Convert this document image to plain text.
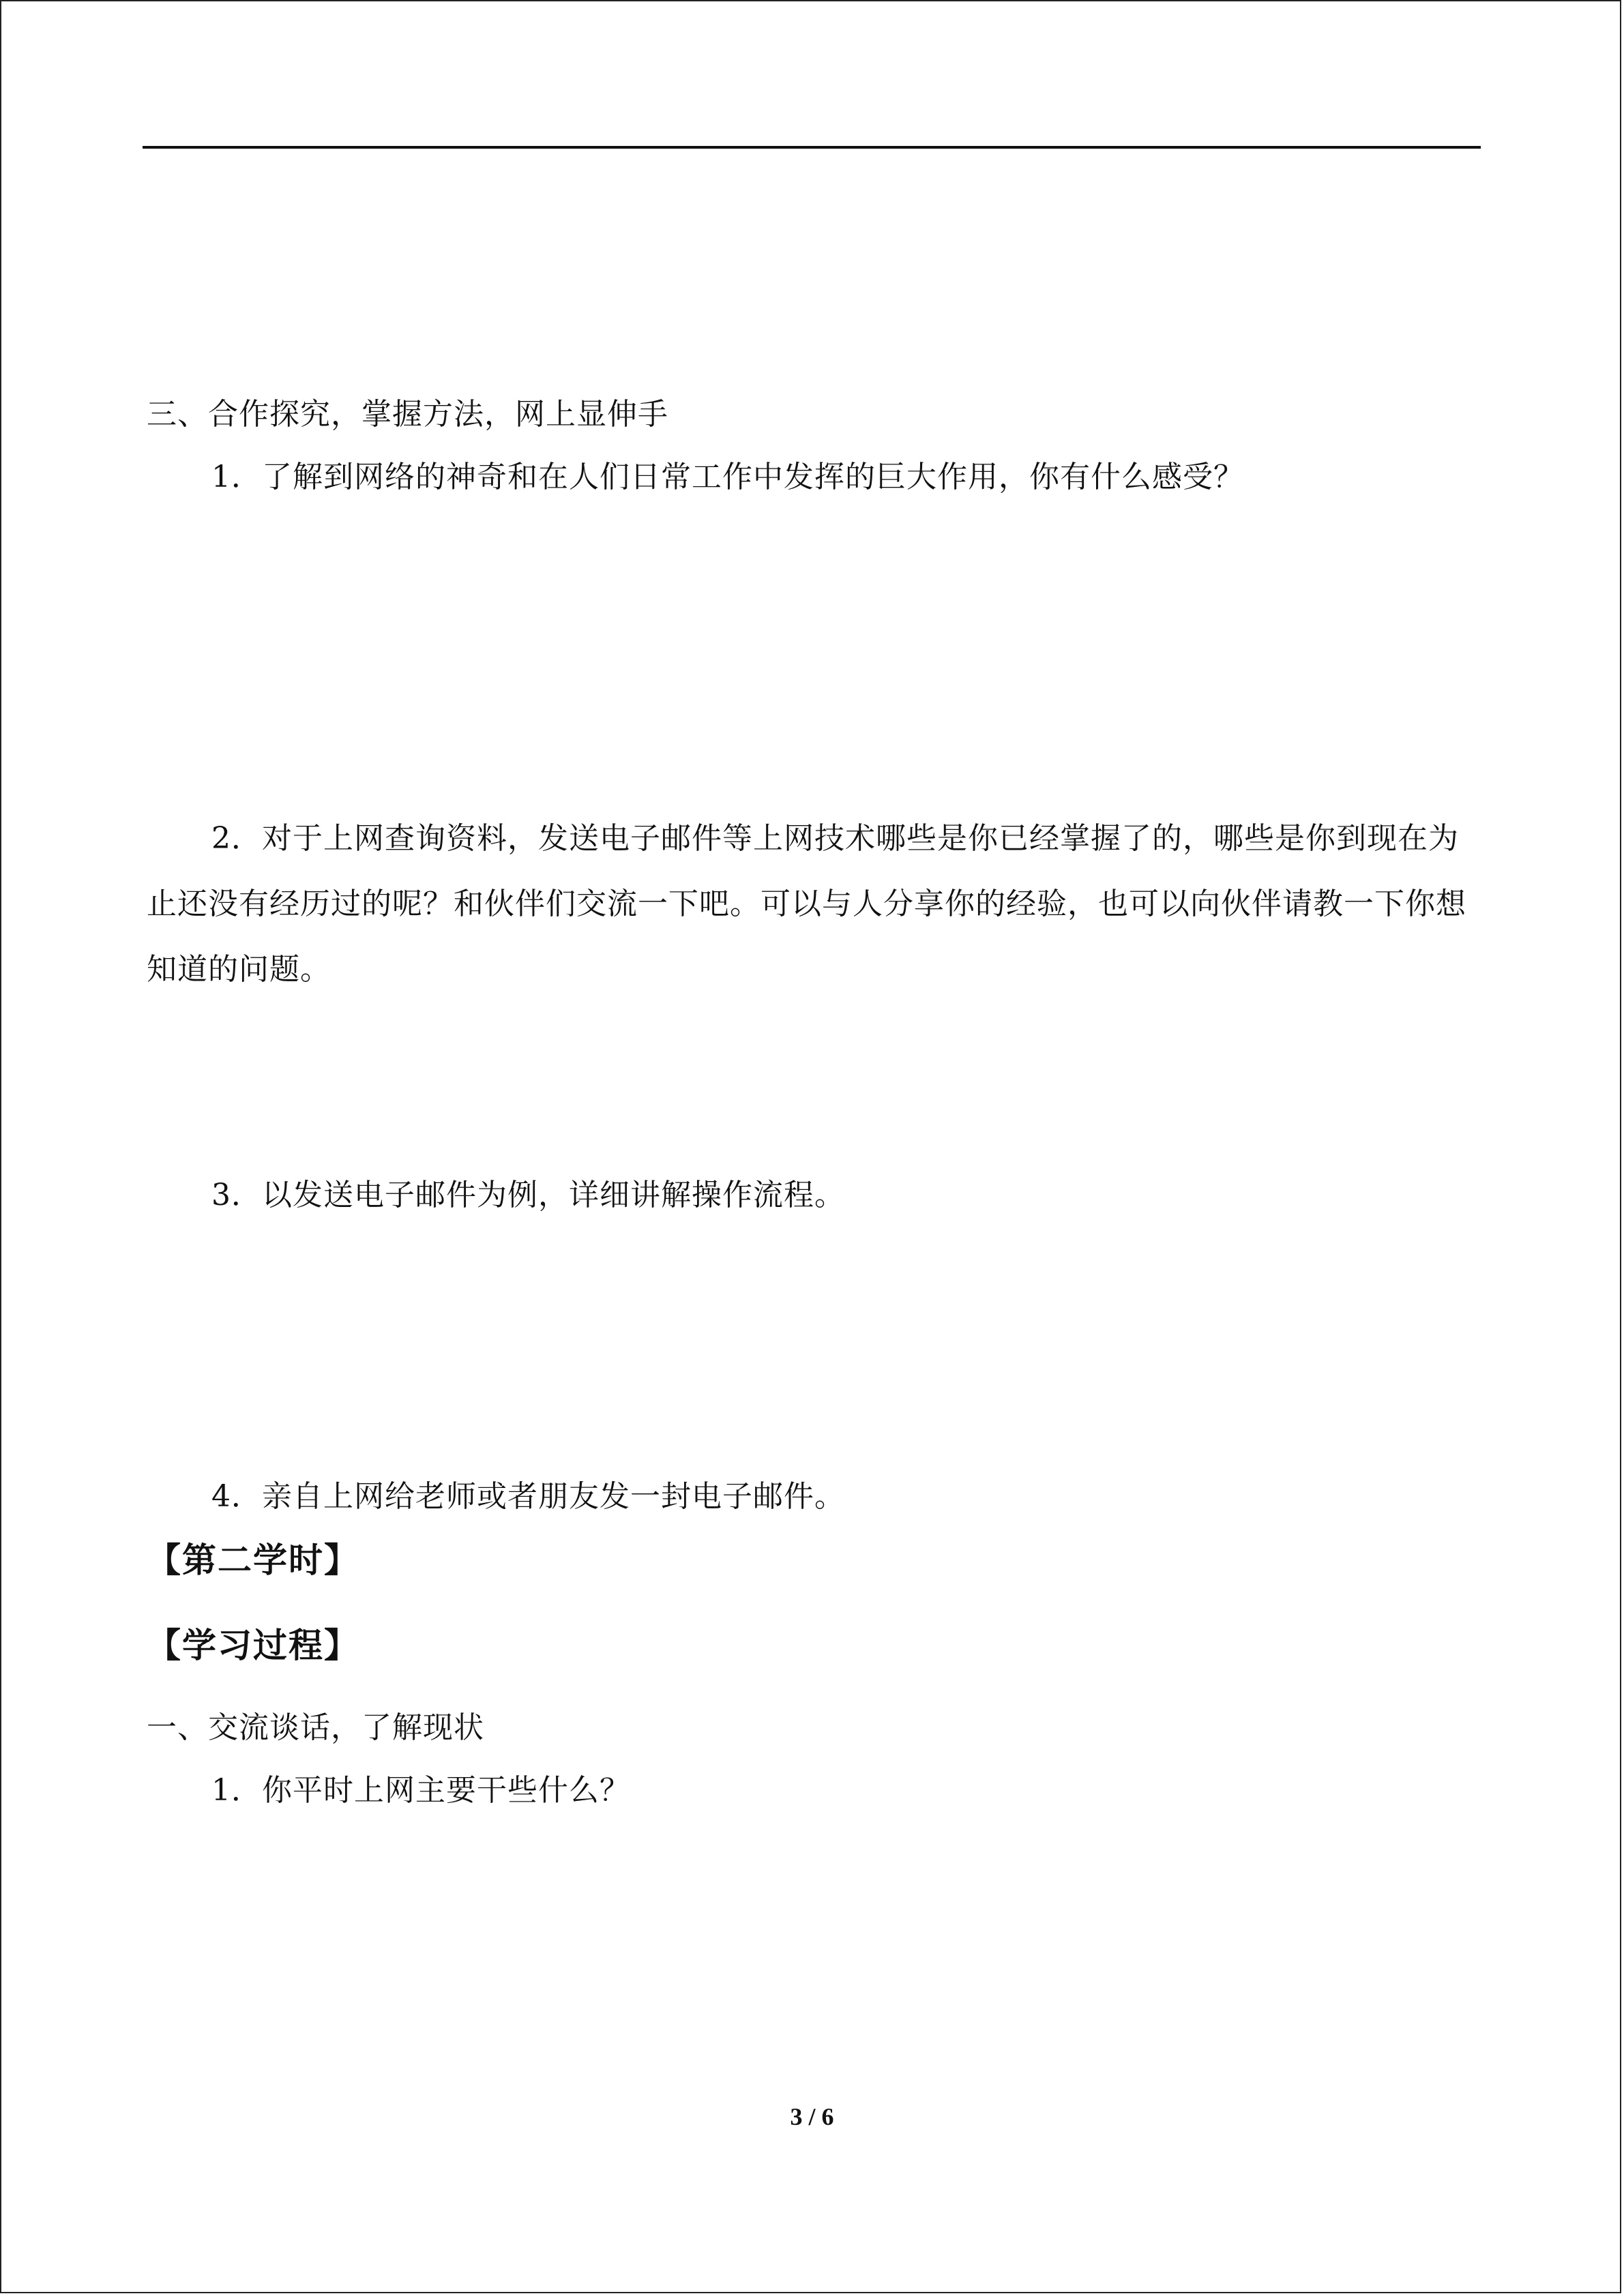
三、合作探究，掌握方法，网上显伸手
1．了解到网络的神奇和在人们日常工作中发挥的巨大作用，你有什么感受？
2．对于上网查询资料，发送电子邮件等上网技术哪些是你已经掌握了的，哪些是你到现在为止还没有经历过的呢？和伙伴们交流一下吧。可以与人分享你的经验，也可以向伙伴请教一下你想知道的问题。
3．以发送电子邮件为例，详细讲解操作流程。
4．亲自上网给老师或者朋友发一封电子邮件。
【第二学时】
【学习过程】
一、交流谈话，了解现状
1．你平时上网主要干些什么？
3 / 6
